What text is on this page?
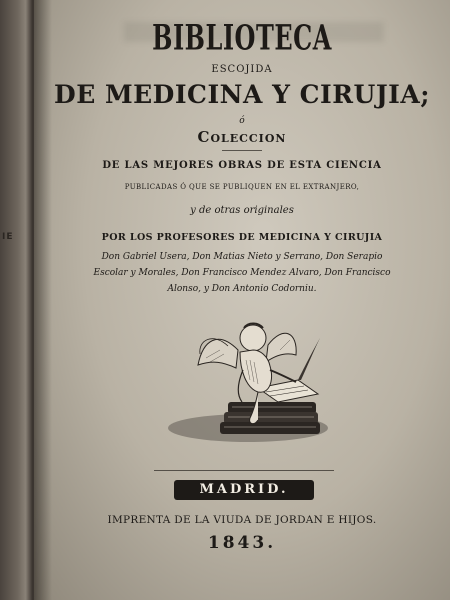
IE
BIBLIOTECA
ESCOJIDA
DE MEDICINA Y CIRUJIA;
ó
Coleccion
DE LAS MEJORES OBRAS DE ESTA CIENCIA
PUBLICADAS Ó QUE SE PUBLIQUEN EN EL EXTRANJERO,
y de otras originales
POR LOS PROFESORES DE MEDICINA Y CIRUJIA
Don Gabriel Usera, Don Matias Nieto y Serrano, Don Serapio
Escolar y Morales, Don Francisco Mendez Alvaro, Don Francisco
Alonso, y Don Antonio Codorniu.
MADRID.
IMPRENTA DE LA VIUDA DE JORDAN E HIJOS.
1843.
